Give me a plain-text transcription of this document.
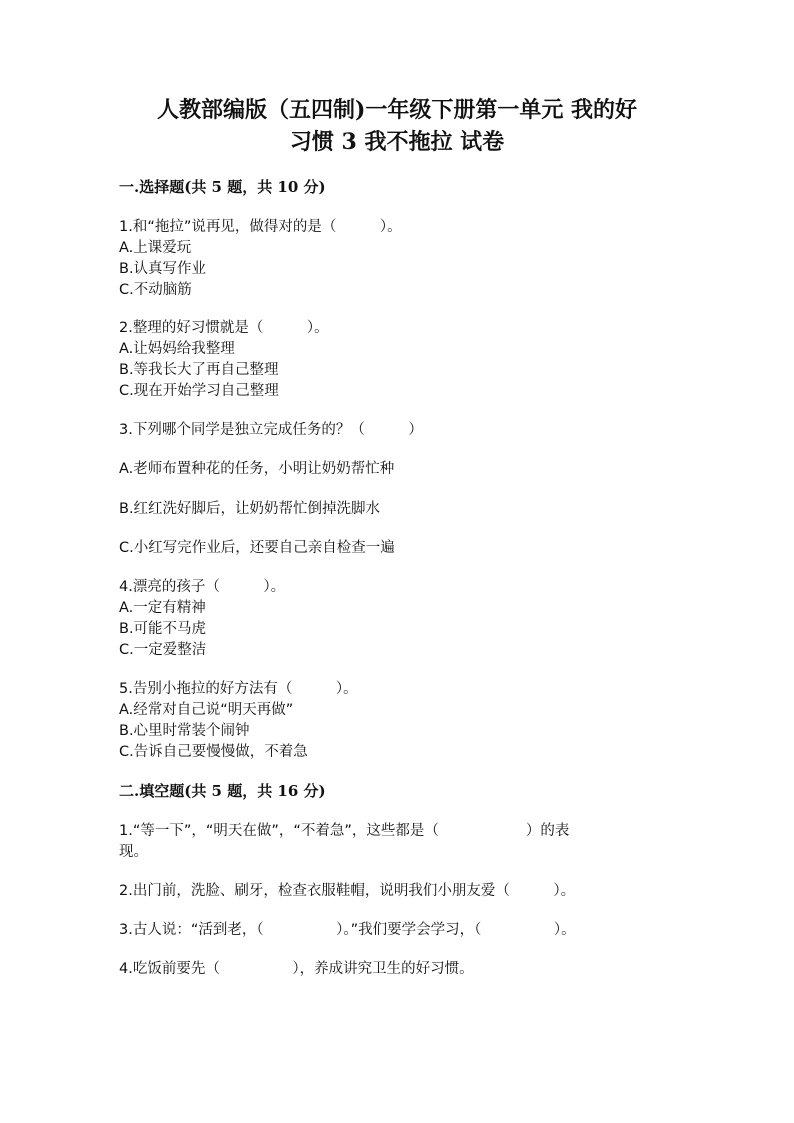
人教部编版（五四制)一年级下册第一单元 我的好
习惯 3 我不拖拉 试卷
一.选择题(共 5 题，共 10 分)
1.和“拖拉”说再见，做得对的是（　　　）。
A.上课爱玩
B.认真写作业
C.不动脑筋
2.整理的好习惯就是（　　　）。
A.让妈妈给我整理
B.等我长大了再自己整理
C.现在开始学习自己整理
3.下列哪个同学是独立完成任务的？（　　　）
A.老师布置种花的任务，小明让奶奶帮忙种
B.红红洗好脚后，让奶奶帮忙倒掉洗脚水
C.小红写完作业后，还要自己亲自检查一遍
4.漂亮的孩子（　　　）。
A.一定有精神
B.可能不马虎
C.一定爱整洁
5.告别小拖拉的好方法有（　　　）。
A.经常对自己说“明天再做”
B.心里时常装个闹钟
C.告诉自己要慢慢做，不着急
二.填空题(共 5 题，共 16 分)
1.“等一下”，“明天在做”，“不着急”，这些都是（　　　　　　）的表
现。
2.出门前，洗脸、刷牙，检查衣服鞋帽，说明我们小朋友爱（　　　）。
3.古人说：“活到老，（　　　　　）。”我们要学会学习，（　　　　　）。
4.吃饭前要先（　　　　　），养成讲究卫生的好习惯。
